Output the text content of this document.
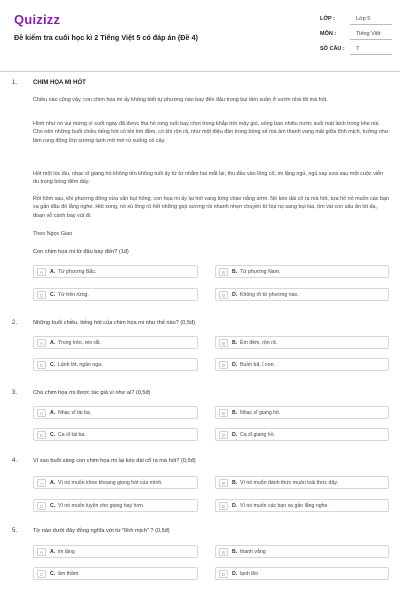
Quizizz
Đề kiểm tra cuối học kì 2 Tiếng Việt 5 có đáp án (Đề 4)
LỚP :	Lớp 5
MÔN :	Tiếng Việt
SỐ CÂU : 7
1.	CHIM HỌA MI HÓT
Chiều nào cũng vậy, con chim họa mi ấy không biết tự phương nào bay đến đậu trong bụi tầm xuân ở vườn nhà tôi mà hót.
Hình như nó vui mừng vì suốt ngày đã được tha hồ rong ruổi bay chơi trong khắp trời mây gió, uống bao nhiêu nước suối mát lành trong khe núi. Cho nên những buổi chiều tiếng hót có khi êm đềm, có khi rộn rã, như một điệu đàn trong bóng xế mà âm thanh vang mãi giữa tĩnh mịch, tưởng như làm rung động lớp sương lạnh mờ mờ rủ xuống cỏ cây.
Hót một lúc lâu, nhạc sĩ giang hồ không tên không tuổi ấy từ từ nhắm hai mắt lại, thu đầu vào lông cổ, im lặng ngủ, ngủ say sưa sau một cuộc viễn du trong bóng đêm dày.
Rồi hôm sau, khi phương đông vừa vẩn bụi hồng, con họa mi ấy lại hót vang lừng chào nắng sớm. Nó kéo dài cổ ra mà hót, tựa hồ nó muốn các bạn xa gần đâu đó lắng nghe. Hót xong, nó xù lông rũ hết những giọt sương rồi nhanh nhẹn chuyền từ bụi nọ sang bụi kia, tìm vài con sâu ăn lót dạ, đoạn vỗ cánh bay vút đi.
Theo Ngọc Giao
Con chim họa mi từ đâu bay đến? (1đ)
A	A. Từ phương Bắc.	B	B. Từ phương Nam.
C	C. Từ trên rừng.	D	D. Không rõ từ phương nào.
2.	Những buổi chiều, tiếng hót của chim họa mi như thế nào? (0,5đ)
A	A. Trong trẻo, réo rắt.	B	B. Êm đềm, rộn rã.
C	C. Lảnh lót, ngân nga.	D	D. Buồn bã, ỉ non.
3.	Chú chim họa mi được tác giả ví như ai? (0,5đ)
A	A. Nhạc sĩ tài ba.	B	B. Nhạc sĩ giang hồ.
C	C. Ca sĩ tài ba.	D	D. Ca sĩ giang hồ.
4.	Vì sao buổi sáng con chim họa mi lại kéo dài cổ ra mà hót? (0,5đ)
A	A. Vì nó muốn khoe khoang giọng hót của mình.	B	B. Vì nó muốn đánh thức muôn loài thức dậy.
C	C. Vì nó muốn luyện cho giọng hay hơn.	D	D. Vì nó muốn các bạn xa gần lắng nghe.
5.	Từ nào dưới đây đồng nghĩa với từ "tĩnh mịch" ? (0,5đ)
A	A. im lặng	B	B. thanh vắng
C	C. âm thầm	D	D. lạnh lẽo
